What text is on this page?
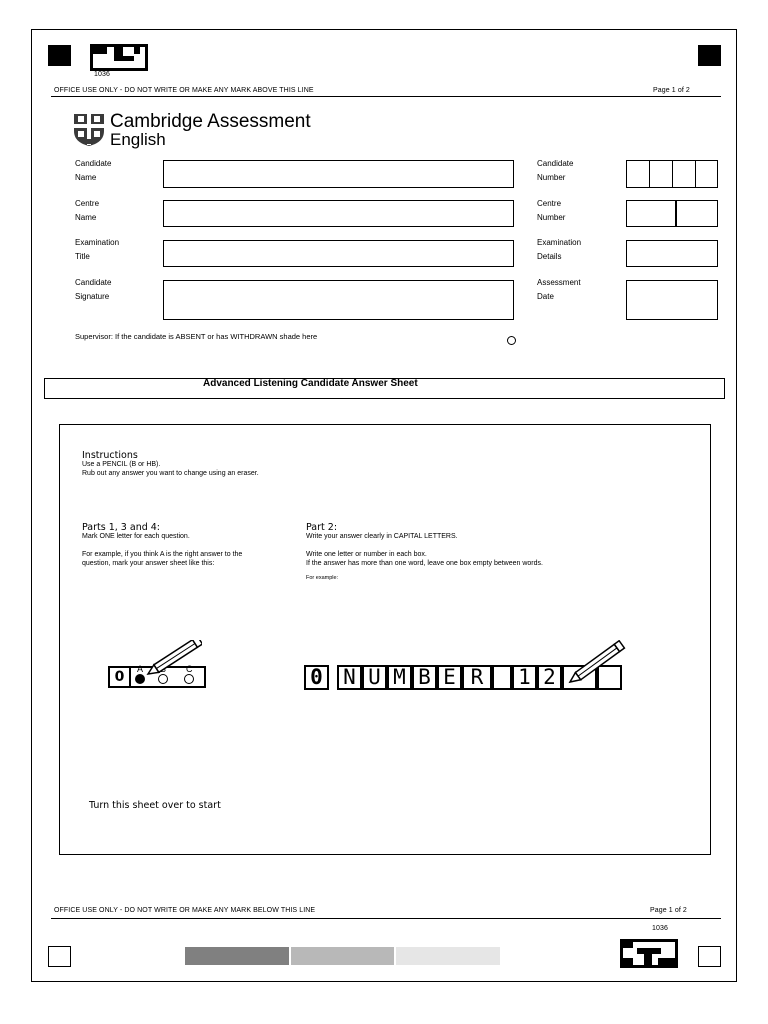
1036
OFFICE USE ONLY - DO NOT WRITE OR MAKE ANY MARK ABOVE THIS LINE	Page 1 of 2
Cambridge Assessment
English
Candidate
Name
Centre
Name
Examination
Title
Candidate
Signature
Candidate
Number
Centre
Number
Examination
Details
Assessment
Date
Supervisor: If the candidate is ABSENT or has WITHDRAWN shade here
Advanced Listening Candidate Answer Sheet
Instructions
Use a PENCIL (B or HB).
Rub out any answer you want to change using an eraser.
Parts 1, 3 and 4:
Mark ONE letter for each question.
For example, if you think A is the right answer to the
question, mark your answer sheet like this:
Part 2:
Write your answer clearly in CAPITAL LETTERS.
Write one letter or number in each box.
If the answer has more than one word, leave one box empty between words.
For example:
0	A	C	0 N U M B E R	1 2
Turn this sheet over to start
OFFICE USE ONLY - DO NOT WRITE OR MAKE ANY MARK BELOW THIS LINE	Page 1 of 2
1036
